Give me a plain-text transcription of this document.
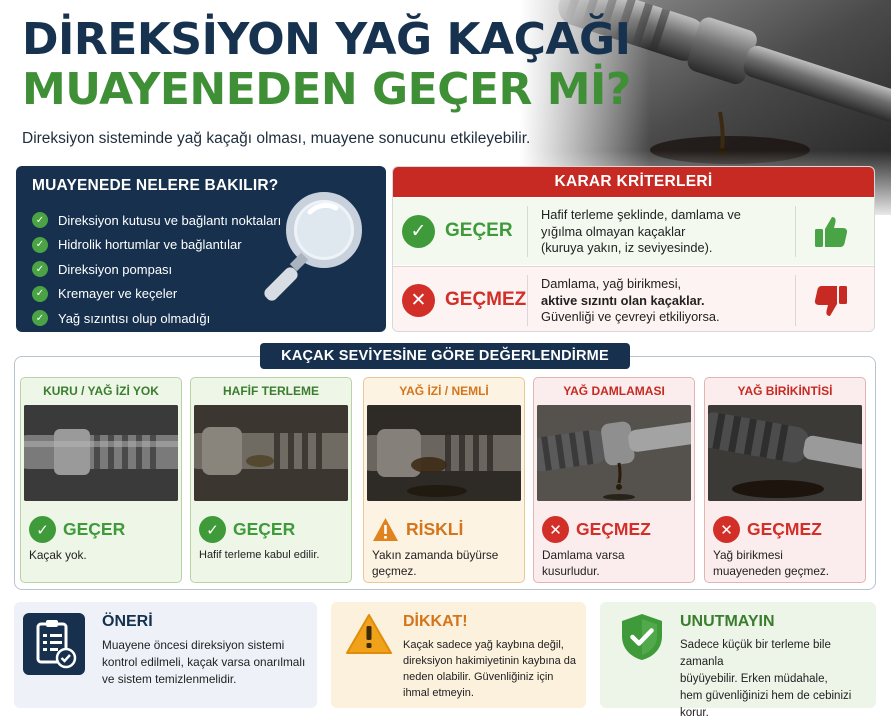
DİREKSİYON YAĞ KAÇAĞI
MUAYENEDEN GEÇER Mİ?
Direksiyon sisteminde yağ kaçağı olması, muayene sonucunu etkileyebilir.
MUAYENEDE NELERE BAKILIR?
✓ Direksiyon kutusu ve bağlantı noktaları
✓ Hidrolik hortumlar ve bağlantılar
✓ Direksiyon pompası
✓ Kremayer ve keçeler
✓ Yağ sızıntısı olup olmadığı
KARAR KRİTERLERİ
✓ GEÇER
Hafif terleme şeklinde, damlama ve
yığılma olmayan kaçaklar
(kuruya yakın, iz seviyesinde).
✕ GEÇMEZ
Damlama, yağ birikmesi,
aktive sızıntı olan kaçaklar.
Güvenliği ve çevreyi etkiliyorsa.
KAÇAK SEVİYESİNE GÖRE DEĞERLENDİRME
KURU / YAĞ İZİ YOK
✓ GEÇER
Kaçak yok.
HAFİF TERLEME
✓ GEÇER
Hafif terleme kabul edilir.
YAĞ İZİ / NEMLİ
RİSKLİ
Yakın zamanda büyürse
geçmez.
YAĞ DAMLAMASI
✕ GEÇMEZ
Damlama varsa
kusurludur.
YAĞ BİRİKİNTİSİ
✕ GEÇMEZ
Yağ birikmesi
muayeneden geçmez.
ÖNERİ
Muayene öncesi direksiyon sistemi
kontrol edilmeli, kaçak varsa onarılmalı
ve sistem temizlenmelidir.
DİKKAT!
Kaçak sadece yağ kaybına değil,
direksiyon hakimiyetinin kaybına da
neden olabilir. Güvenliğiniz için
ihmal etmeyin.
UNUTMAYIN
Sadece küçük bir terleme bile zamanla
büyüyebilir. Erken müdahale,
hem güvenliğinizi hem de cebinizi
korur.
